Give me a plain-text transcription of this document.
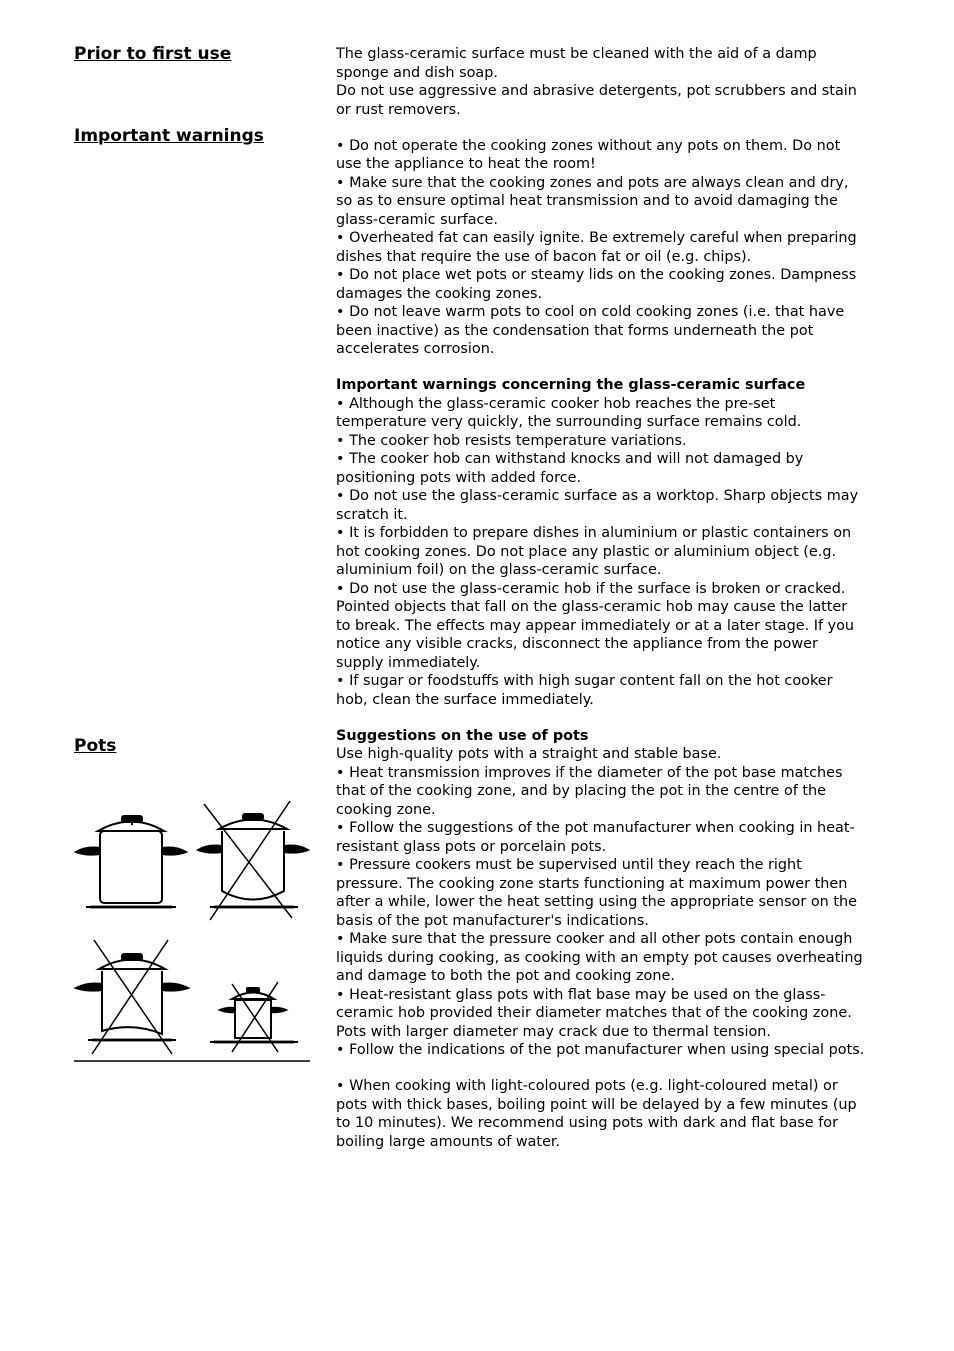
Prior to first use
Important warnings
Pots

The glass-ceramic surface must be cleaned with the aid of a damp sponge and dish soap.

Do not use aggressive and abrasive detergents, pot scrubbers and stain or rust removers.

• Do not operate the cooking zones without any pots on them. Do not use the appliance to heat the room!

• Make sure that the cooking zones and pots are always clean and dry, so as to ensure optimal heat transmission and to avoid damaging the glass-ceramic surface.

• Overheated fat can easily ignite. Be extremely careful when preparing dishes that require the use of bacon fat or oil (e.g. chips).

• Do not place wet pots or steamy lids on the cooking zones. Dampness damages the cooking zones.

• Do not leave warm pots to cool on cold cooking zones (i.e. that have been inactive) as the condensation that forms underneath the pot accelerates corrosion.

Important warnings concerning the glass-ceramic surface

• Although the glass-ceramic cooker hob reaches the pre-set temperature very quickly, the surrounding surface remains cold.

• The cooker hob resists temperature variations.

• The cooker hob can withstand knocks and will not damaged by positioning pots with added force.

• Do not use the glass-ceramic surface as a worktop. Sharp objects may scratch it.

• It is forbidden to prepare dishes in aluminium or plastic containers on hot cooking zones. Do not place any plastic or aluminium object (e.g. aluminium foil) on the glass-ceramic surface.

• Do not use the glass-ceramic hob if the surface is broken or cracked.

Pointed objects that fall on the glass-ceramic hob may cause the latter to break. The effects may appear immediately or at a later stage. If you notice any visible cracks, disconnect the appliance from the power supply immediately.

• If sugar or foodstuffs with high sugar content fall on the hot cooker hob, clean the surface immediately.

Suggestions on the use of pots

Use high-quality pots with a straight and stable base.

• Heat transmission improves if the diameter of the pot base matches that of the cooking zone, and by placing the pot in the centre of the cooking zone.

• Follow the suggestions of the pot manufacturer when cooking in heat-resistant glass pots or porcelain pots.

• Pressure cookers must be supervised until they reach the right pressure. The cooking zone starts functioning at maximum power then after a while, lower the heat setting using the appropriate sensor on the basis of the pot manufacturer's indications.

• Make sure that the pressure cooker and all other pots contain enough liquids during cooking, as cooking with an empty pot causes overheating and damage to both the pot and cooking zone.

• Heat-resistant glass pots with flat base may be used on the glass-ceramic hob provided their diameter matches that of the cooking zone. Pots with larger diameter may crack due to thermal tension.

• Follow the indications of the pot manufacturer when using special pots.

• When cooking with light-coloured pots (e.g. light-coloured metal) or pots with thick bases, boiling point will be delayed by a few minutes (up to 10 minutes). We recommend using pots with dark and flat base for boiling large amounts of water.
